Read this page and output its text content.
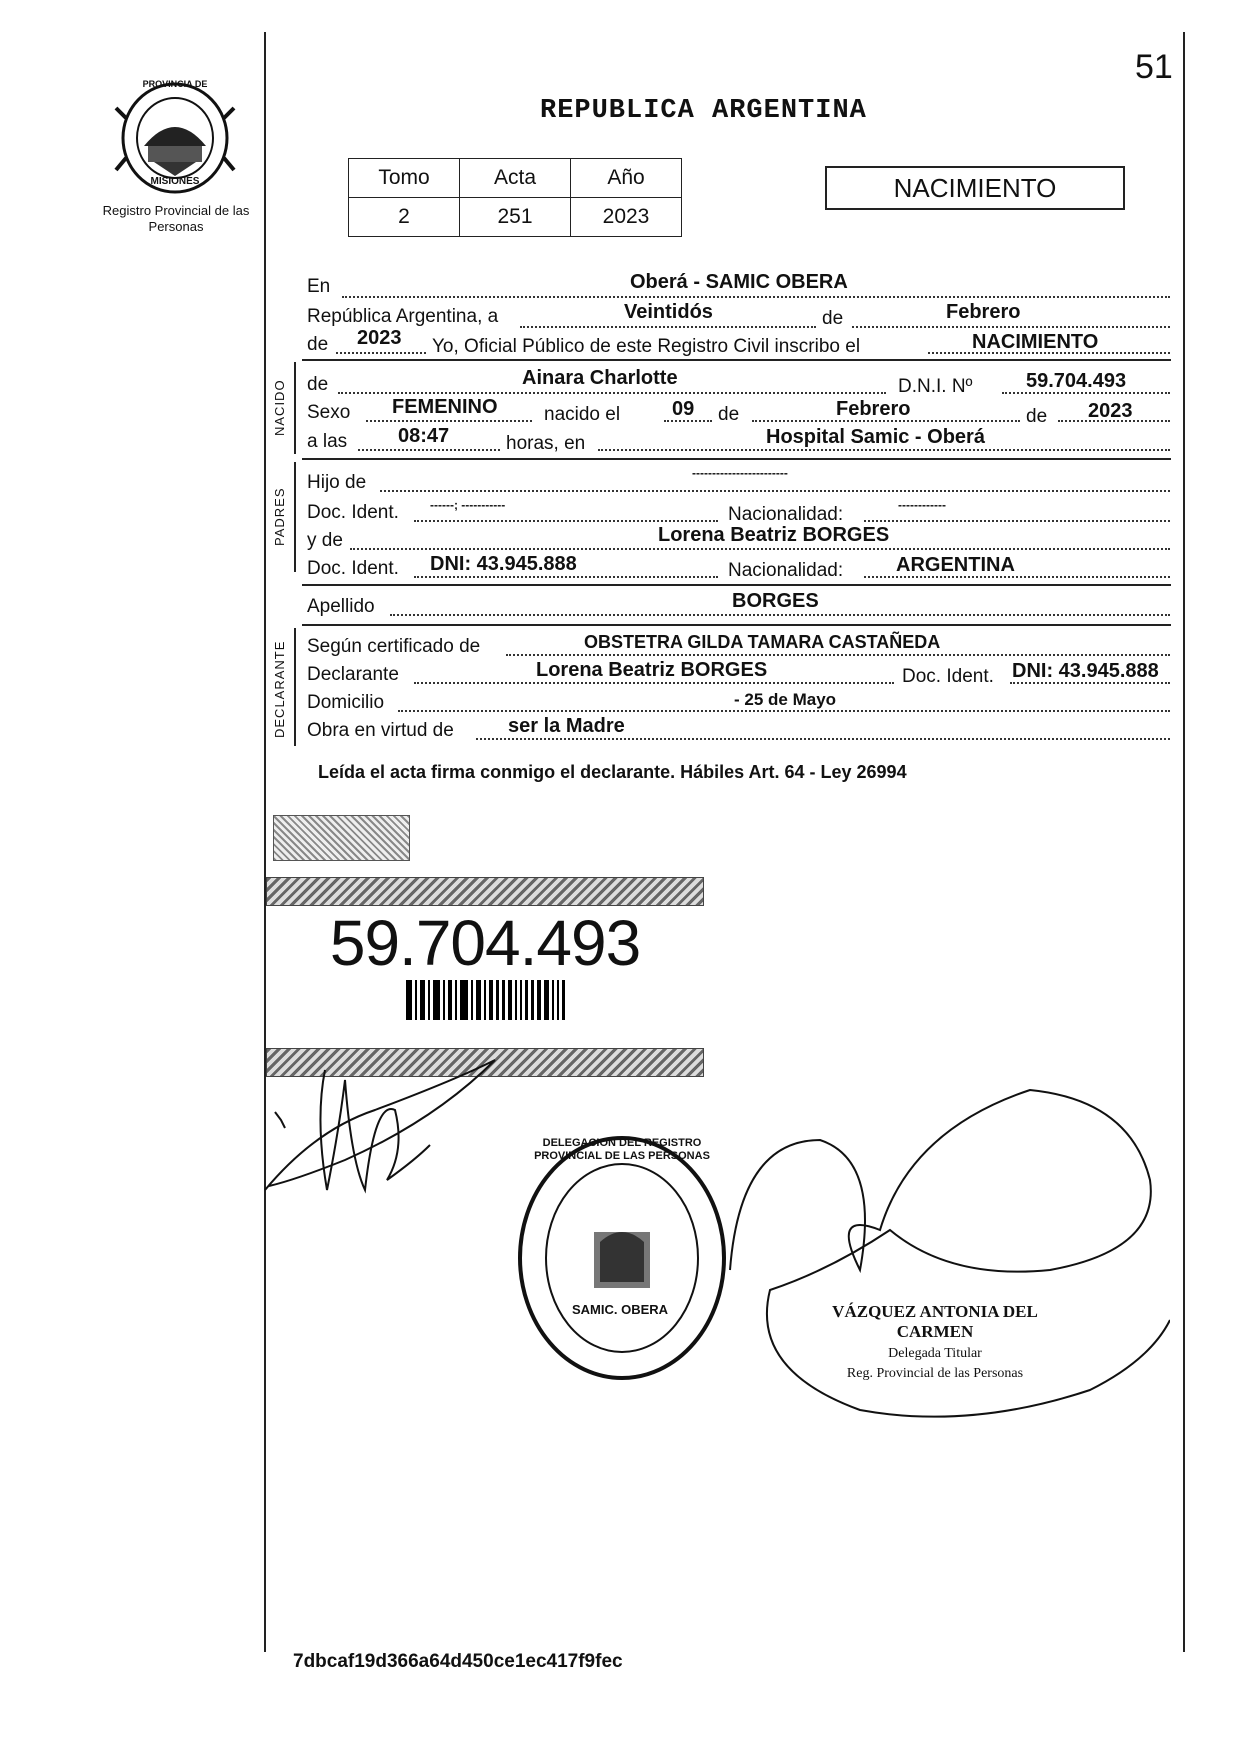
PROVINCIA DE
MISIONES
Registro Provincial de las Personas
51
REPUBLICA ARGENTINA
Tomo	Acta	Año
2	251	2023
NACIMIENTO
En	Oberá - SAMIC OBERA
República Argentina, a	Veintidós	de	Febrero
de 2023 Yo, Oficial Público de este Registro Civil inscribo el	NACIMIENTO
NACIDO de	Ainara Charlotte	D.N.I. Nº	59.704.493
Sexo FEMENINO nacido el	09 de	Febrero	de 2023
a las	08:47	horas, en	Hospital Samic - Oberá
PADRES
Hijo de	------------------------
Doc. Ident.	------; -----------	Nacionalidad:	------------
y de	Lorena Beatriz BORGES
Doc. Ident. DNI: 43.945.888	Nacionalidad:	ARGENTINA
Apellido	BORGES
DECLARANTE Según certificado de	OBSTETRA GILDA TAMARA CASTAÑEDA
Declarante	Lorena Beatriz BORGES	Doc. Ident. DNI: 43.945.888
Domicilio	- 25 de Mayo
Obra en virtud de	ser la Madre
Leída el acta firma conmigo el declarante. Hábiles Art. 64 - Ley 26994
59.704.493
DELEGACION DEL REGISTRO PROVINCIAL DE LAS PERSONAS
SAMIC. OBERA	VÁZQUEZ ANTONIA DEL CARMEN
Delegada Titular
Reg. Provincial de las Personas
7dbcaf19d366a64d450ce1ec417f9fec
